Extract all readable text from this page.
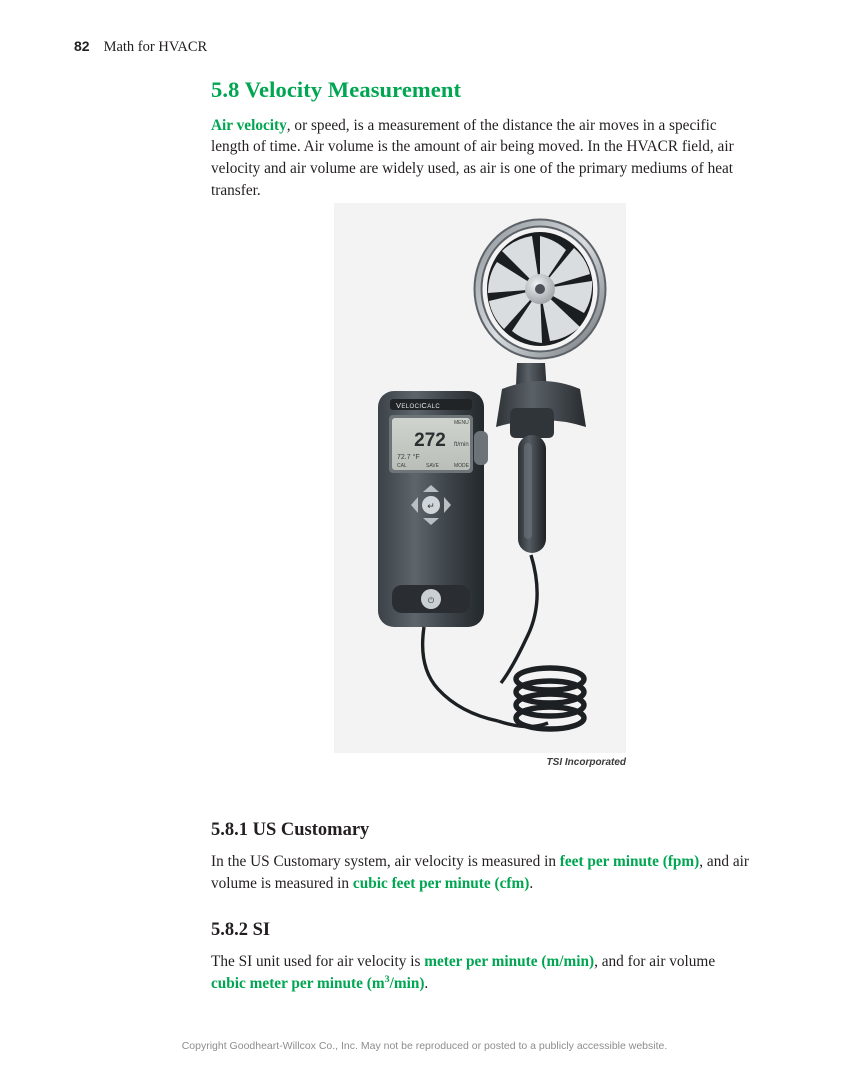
82 Math for HVACR
5.8 Velocity Measurement

Air velocity, or speed, is a measurement of the distance the air moves in a specific length of time. Air volume is the amount of air being moved. In the HVACR field, air velocity and air volume are widely used, as air is one of the primary mediums of heat transfer.

VELOCICALC
272 ft/min
72.7 °F
MENU
CAL	SAVE	MODE
↵
⏻
TSI Incorporated
5.8.1 US Customary

In the US Customary system, air velocity is measured in feet per minute (fpm), and air volume is measured in cubic feet per minute (cfm).

5.8.2 SI

The SI unit used for air velocity is meter per minute (m/min), and for air volume cubic meter per minute $(m^3/\min)$.

Copyright Goodheart-Willcox Co., Inc. May not be reproduced or posted to a publicly accessible website.
